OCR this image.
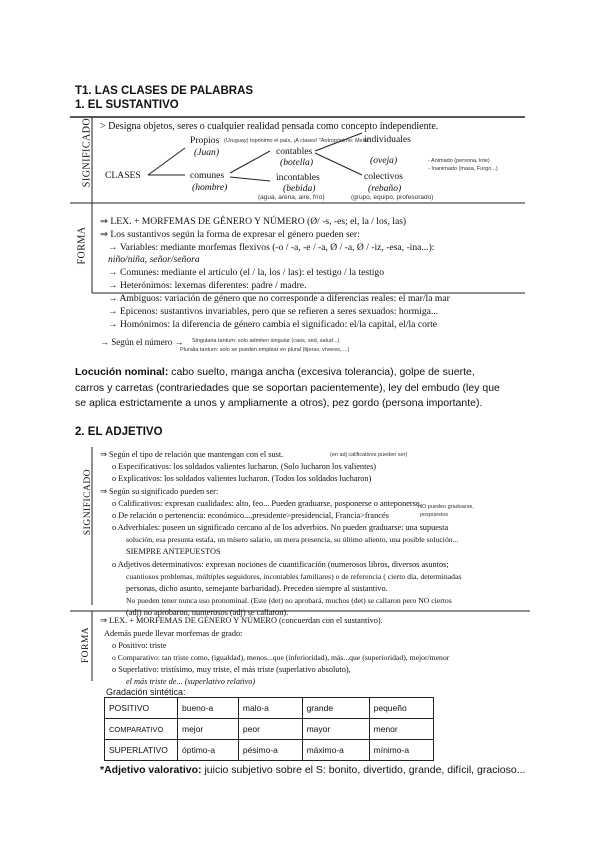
T1. LAS CLASES DE PALABRAS
1. EL SUSTANTIVO
SIGNIFICADO
FORMA
> Designa objetos, seres o cualquier realidad pensada como concepto independiente.
Propios (Uruguay) topónimo el país, ¡A clases! "Antropónimo: Melis"
(Juan)
CLASES	comunes
(hombre)
contables
(botella)
incontables
(bebida)
(agua, arena, aire, frío)
individuales
(oveja)
colectivos
(rebaño)
(grupo, equipo, profesorado)
- Animado (persona, lote)
- Inanimado (masa, Furgo...)
⇒ LEX. + MORFEMAS DE GÉNERO Y NÚMERO (Ø/ -s, -es; el, la / los, las)
⇒ Los sustantivos según la forma de expresar el género pueden ser:
→ Variables: mediante morfemas flexivos (-o / -a, -e / -a, Ø / -a, Ø / -iz, -esa, -ina...):
niño/niña, señor/señora
→ Comunes: mediante el artículo (el / la, los / las): el testigo / la testigo
→ Heterónimos: lexemas diferentes: padre / madre.
→ Ambiguos: variación de género que no corresponde a diferencias reales: el mar/la mar
→ Epicenos: sustantivos invariables, pero que se refieren a seres sexuados: hormiga...
→ Homónimos: la diferencia de género cambia el significado: el/la capital, el/la corte
→ Según el número → Singularia tantum: solo admiten singular (caos, sed, salud...)
Pluralia tantum: solo se pueden emplear en plural (tijeras, víveres, ...)
Locución nominal: cabo suelto, manga ancha (excesiva tolerancia), golpe de suerte,
carros y carretas (contrariedades que se soportan pacientemente), ley del embudo (ley que
se aplica estrictamente a unos y ampliamente a otros), pez gordo (persona importante).
2. EL ADJETIVO
SIGNIFICADO
FORMA
⇒ Según el tipo de relación que mantengan con el sust.	(en adj calificativos pueden ser)
o Especificativos: los soldados valientes lucharon. (Solo lucharon los valientes)
o Explicativos: los soldados valientes lucharon. (Todos los soldados lucharon)
⇒ Según su significado pueden ser:
o Calificativos: expresan cualidades: alto, feo... Pueden graduarse, posponerse o anteponerse.
o De relación o pertenencia: económico...,presidente>presidencial, Francia>francés
NO pueden graduarse,
pospuestos
o Adverbiales: poseen un significado cercano al de los adverbios. No pueden graduarse: una supuesta
solución, esa presunta estafa, un mísero salario, un mera presencia, su último aliento, una posible solución...
SIEMPRE ANTEPUESTOS
o Adjetivos determinativos: expresan nociones de cuantificación (numerosos libros, diversos asuntos;
cuantiosos problemas, múltiples seguidores, incontables familiares) o de referencia ( cierto día, determinadas
personas, dicho asunto, semejante barbaridad). Preceden siempre al sustantivo.
No pueden tener nunca uso pronominal. (Este (det) no aprobará, muchos (det) se callaron pero NO ciertos
(adj) no aprobaron, numerosos (adj) se callaron).
⇒ LEX. + MORFEMAS DE GÉNERO Y NÚMERO (concuerdan con el sustantivo).
Además puede llevar morfemas de grado:
o Positivo: triste
o Comparativo: tan triste como, (igualdad), menos...que (inferioridad), más...que (superioridad), mejor/menor
o Superlativo: tristísimo, muy triste, el más triste (superlativo absoluto),
el más triste de... (superlativo relativo)
Gradación sintética:
POSITIVO	bueno-a	malo-a	grande	pequeño
COMPARATIVO	mejor	peor	mayor	menor
SUPERLATIVO	óptimo-a	pésimo-a	máximo-a	mínimo-a
*Adjetivo valorativo: juicio subjetivo sobre el S: bonito, divertido, grande, difícil, gracioso...
